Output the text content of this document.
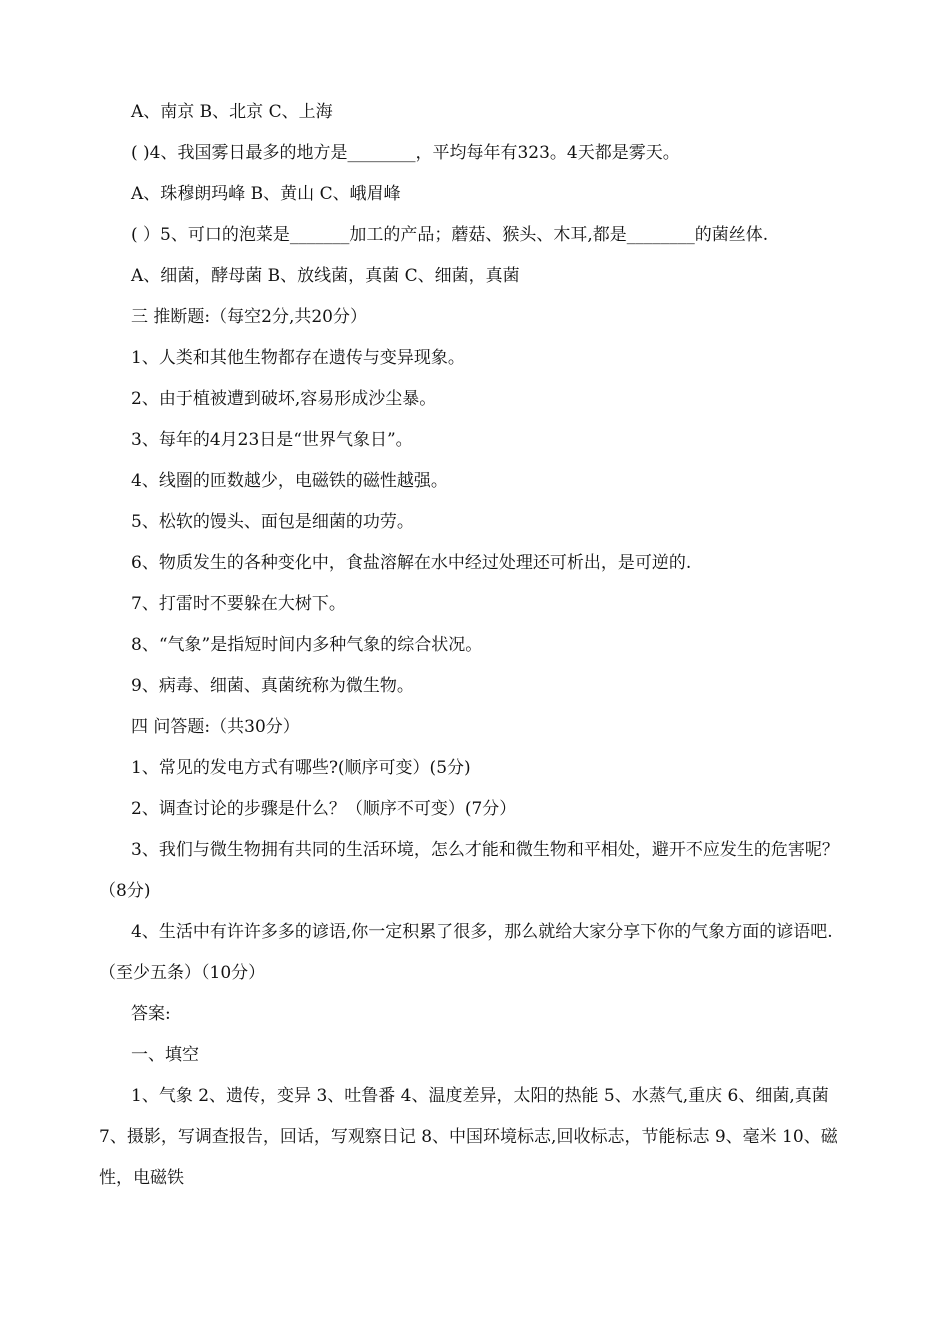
A、南京 B、北京 C、上海
( )4、我国雾日最多的地方是________，平均每年有323。4天都是雾天。
A、珠穆朗玛峰 B、黄山 C、峨眉峰
( ）5、可口的泡菜是_______加工的产品；蘑菇、猴头、木耳,都是________的菌丝体.
A、细菌，酵母菌 B、放线菌，真菌 C、细菌，真菌
三 推断题:（每空2分,共20分）
1、人类和其他生物都存在遗传与变异现象。
2、由于植被遭到破坏,容易形成沙尘暴。
3、每年的4月23日是“世界气象日”。
4、线圈的匝数越少，电磁铁的磁性越强。
5、松软的馒头、面包是细菌的功劳。
6、物质发生的各种变化中，食盐溶解在水中经过处理还可析出，是可逆的.
7、打雷时不要躲在大树下。
8、“气象”是指短时间内多种气象的综合状况。
9、病毒、细菌、真菌统称为微生物。
四 问答题:（共30分）
1、常见的发电方式有哪些?(顺序可变）(5分)
2、调查讨论的步骤是什么？（顺序不可变）(7分）
3、我们与微生物拥有共同的生活环境，怎么才能和微生物和平相处，避开不应发生的危害呢？（8分)
4、生活中有许许多多的谚语,你一定积累了很多，那么就给大家分享下你的气象方面的谚语吧.（至少五条）（10分）
答案:
一、填空
1、气象 2、遗传，变异 3、吐鲁番 4、温度差异，太阳的热能 5、水蒸气,重庆 6、细菌,真菌 7、摄影，写调查报告，回话，写观察日记 8、中国环境标志,回收标志，节能标志 9、毫米 10、磁性，电磁铁
